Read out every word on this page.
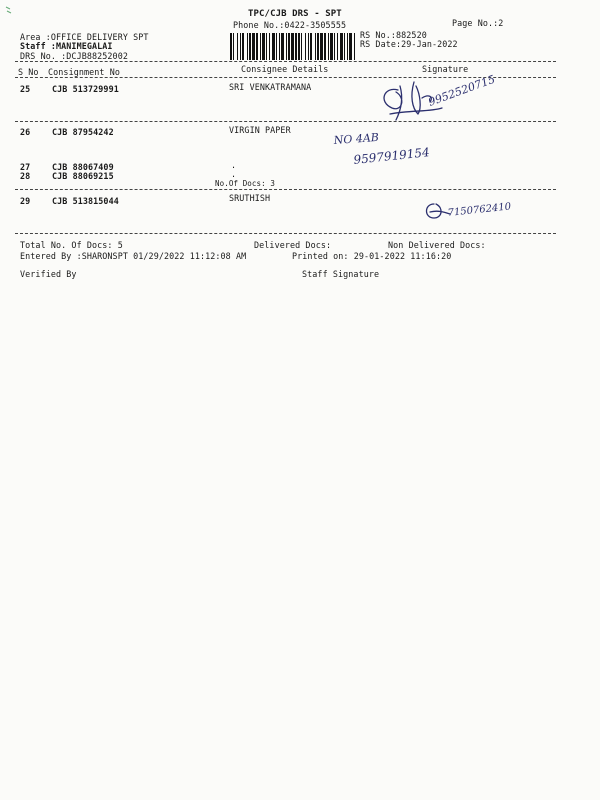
TPC/CJB DRS - SPT
Phone No.:0422-3505555	Page No.:2
Area :OFFICE DELIVERY SPT
Staff :MANIMEGALAI
DRS No. :DCJB88252002
RS No.:882520
RS Date:29-Jan-2022
S No Consignment No	Consignee Details	Signature
25	CJB 513729991	SRI VENKATRAMANA	9952520715
26	CJB 87954242	VIRGIN PAPER
NO 4AB
9597919154
27	CJB 88067409	.
28	CJB 88069215	.
No.Of Docs: 3
29	CJB 513815044	SRUTHISH
7150762410
Total No. Of Docs: 5	Delivered Docs:	Non Delivered Docs:
Entered By :SHARONSPT 01/29/2022 11:12:08 AM	Printed on: 29-01-2022 11:16:20
Verified By	Staff Signature
